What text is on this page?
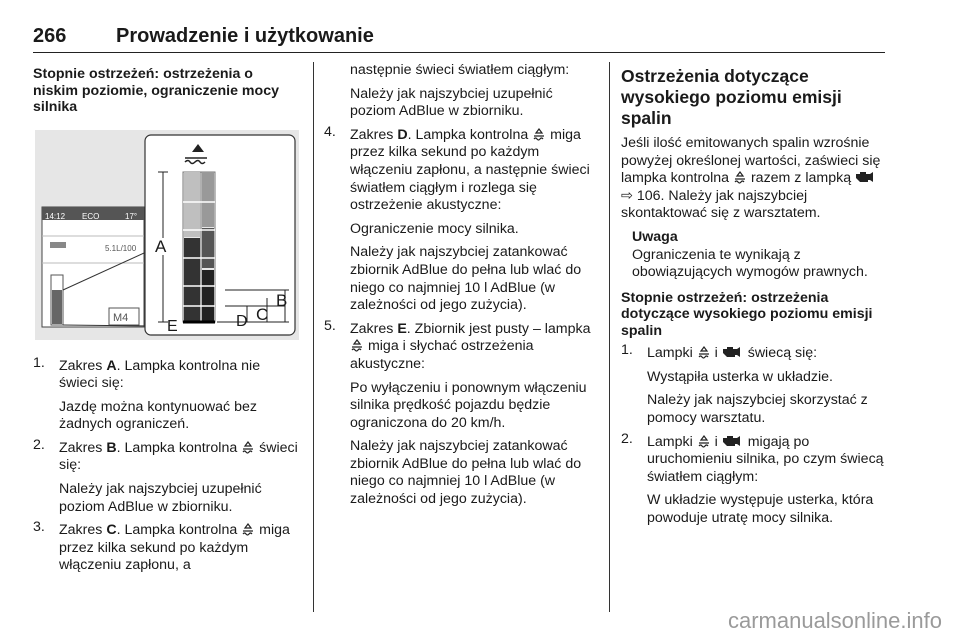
266 Prowadzenie i użytkowanie
Stopnie ostrzeżeń: ostrzeżenia o niskim poziomie, ograniczenie mocy silnika
A
B
C
D
E
14:12 ECO	17°
5.1L/100
M4
1. Zakres A. Lampka kontrolna nie świeci się:

Jazdę można kontynuować bez żadnych ograniczeń.

2. Zakres B. Lampka kontrolna świeci się:

Należy jak najszybciej uzupełnić poziom AdBlue w zbiorniku.

3. Zakres C. Lampka kontrolna miga przez kilka sekund po każdym włączeniu zapłonu, a

następnie świeci światłem ciągłym:

Należy jak najszybciej uzupełnić poziom AdBlue w zbiorniku.

4. Zakres D. Lampka kontrolna miga przez kilka sekund po każdym włączeniu zapłonu, a następnie świeci światłem ciągłym i rozlega się ostrzeżenie akustyczne:

Ograniczenie mocy silnika.

Należy jak najszybciej zatankować zbiornik AdBlue do pełna lub wlać do niego co najmniej 10 l AdBlue (w zależności od jego zużycia).

5. Zakres E. Zbiornik jest pusty – lampka  miga i słychać ostrzeżenia akustyczne:

Po wyłączeniu i ponownym włączeniu silnika prędkość pojazdu będzie ograniczona do 20 km/h.

Należy jak najszybciej zatankować zbiornik AdBlue do pełna lub wlać do niego co najmniej 10 l AdBlue (w zależności od jego zużycia).

Ostrzeżenia dotyczące wysokiego poziomu emisji spalin

Jeśli ilość emitowanych spalin wzrośnie powyżej określonej wartości, zaświeci się lampka kontrolna razem z lampką
⇨ 106. Należy jak najszybciej skontaktować się z warsztatem.

Uwaga
Ograniczenia te wynikają z obowiązujących wymogów prawnych.
Stopnie ostrzeżeń: ostrzeżenia dotyczące wysokiego poziomu emisji spalin
1. Lampki i świecą się:

Wystąpiła usterka w układzie.

Należy jak najszybciej skorzystać z pomocy warsztatu.

2. Lampki i migają po uruchomieniu silnika, po czym świecą światłem ciągłym:

W układzie występuje usterka, która powoduje utratę mocy silnika.

carmanualsonline.info
